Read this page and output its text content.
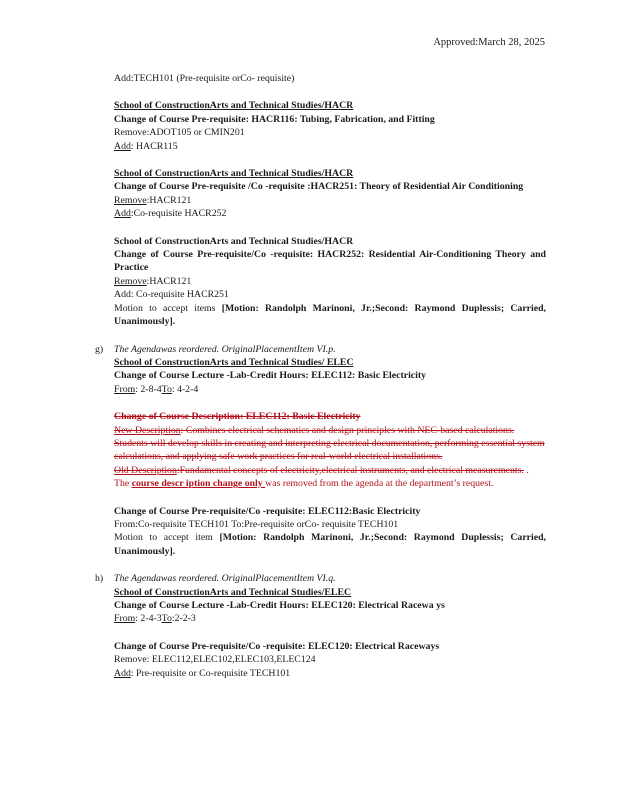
Approved:March 28, 2025
Add:TECH101 (Pre-requisite orCo- requisite)
School of ConstructionArts and Technical Studies/HACR
Change of Course Pre-requisite: HACR116: Tubing, Fabrication, and Fitting
Remove:ADOT105 or CMIN201
Add: HACR115
School of ConstructionArts and Technical Studies/HACR
Change of Course Pre-requisite /Co -requisite :HACR251: Theory of Residential Air Conditioning
Remove:HACR121
Add:Co-requisite HACR252
School of ConstructionArts and Technical Studies/HACR
Change of Course Pre-requisite/Co -requisite: HACR252: Residential Air-Conditioning Theory and Practice
Remove:HACR121
Add: Co-requisite HACR251
Motion to accept items [Motion: Randolph Marinoni, Jr.;Second: Raymond Duplessis; Carried, Unanimously].
g) The Agendawas reordered. OriginalPlacementItem VI.p.
School of ConstructionArts and Technical Studies/ ELEC
Change of Course Lecture -Lab-Credit Hours: ELEC112: Basic Electricity
From: 2-8-4To: 4-2-4
Change of Course Description: ELEC112: Basic Electricity
New Description: Combines electrical schematics and design principles with NEC-based calculations. Students will develop skills in creating and interpreting electrical documentation, performing essential system calculations, and applying safe work practices for real-world electrical installations.
Old Description:Fundamental concepts of electricity,electrical instruments, and electrical measurements. . The course descr iption change only was removed from the agenda at the department’s request.
Change of Course Pre-requisite/Co -requisite: ELEC112:Basic Electricity
From:Co-requisite TECH101 To:Pre-requisite orCo- requisite TECH101
Motion to accept item [Motion: Randolph Marinoni, Jr.;Second: Raymond Duplessis; Carried, Unanimously].
h) The Agendawas reordered. OriginalPlacementItem VI.q.
School of ConstructionArts and Technical Studies/ELEC
Change of Course Lecture -Lab-Credit Hours: ELEC120: Electrical Racewa ys
From: 2-4-3To:2-2-3
Change of Course Pre-requisite/Co -requisite: ELEC120: Electrical Raceways
Remove: ELEC112,ELEC102,ELEC103,ELEC124
Add: Pre-requisite or Co-requisite TECH101
